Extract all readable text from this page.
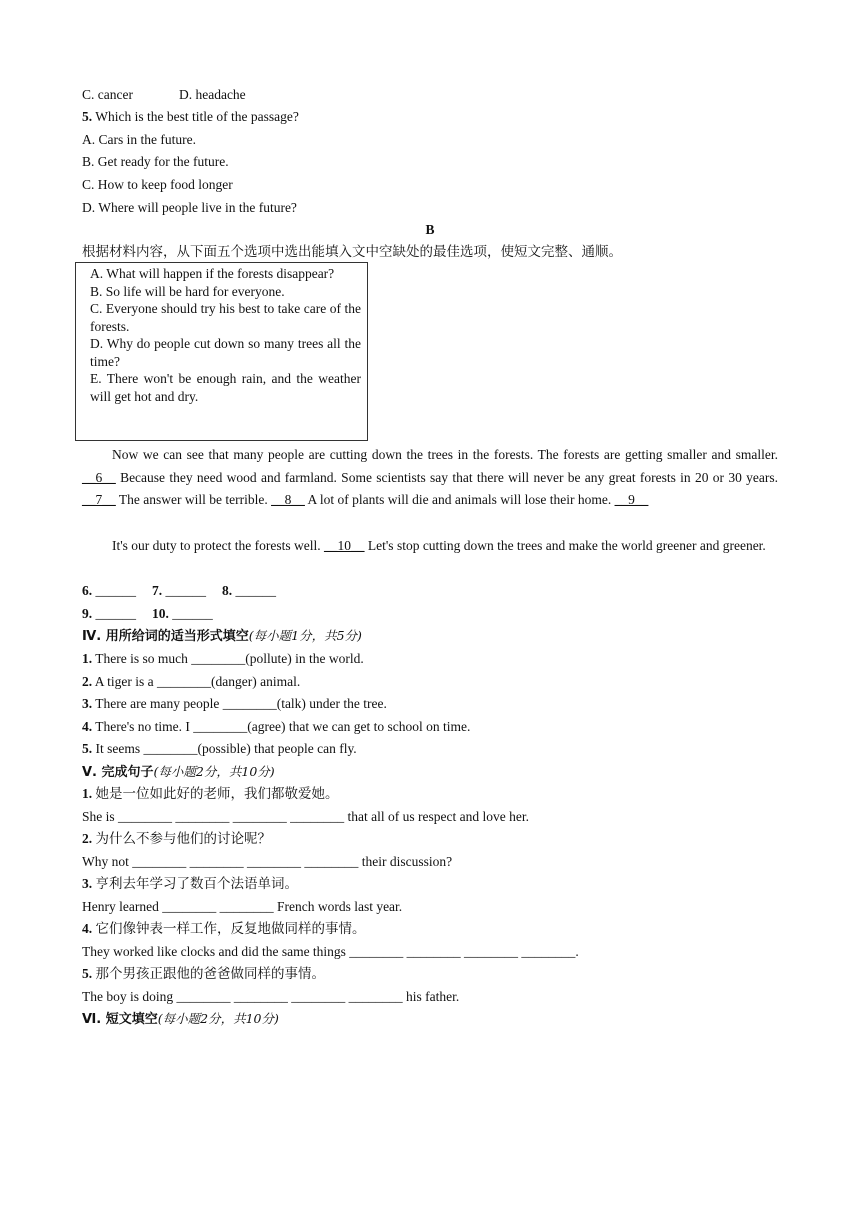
C. cancer	D. headache
5. Which is the best title of the passage?
A. Cars in the future.
B. Get ready for the future.
C. How to keep food longer
D. Where will people live in the future?
B
根据材料内容，从下面五个选项中选出能填入文中空缺处的最佳选项，使短文完整、通顺。

A. What will happen if the forests disappear?

B. So life will be hard for everyone.

C. Everyone should try his best to take care of the forests.

D. Why do people cut down so many trees all the time?

E. There won't be enough rain, and the weather will get hot and dry.

Now we can see that many people are cutting down the trees in the forests. The forests are getting smaller and smaller. __6__ Because they need wood and farmland. Some scientists say that there will never be any great forests in 20 or 30 years. __7__ The answer will be terrible. __8__ A lot of plants will die and animals will lose their home. __9__

It's our duty to protect the forests well. __10__ Let's stop cutting down the trees and make the world greener and greener.

6. ______ 7. ______ 8. ______
9. ______ 10. ______
Ⅳ. 用所给词的适当形式填空(每小题1分，共5分)
1. There is so much ________(pollute) in the world.
2. A tiger is a ________(danger) animal.
3. There are many people ________(talk) under the tree.
4. There's no time. I ________(agree) that we can get to school on time.
5. It seems ________(possible) that people can fly.
Ⅴ. 完成句子(每小题2分，共10分)
1. 她是一位如此好的老师，我们都敬爱她。
She is ________ ________ ________ ________ that all of us respect and love her.
2. 为什么不参与他们的讨论呢？
Why not ________ ________ ________ ________ their discussion?
3. 亨利去年学习了数百个法语单词。
Henry learned ________ ________ French words last year.
4. 它们像钟表一样工作，反复地做同样的事情。
They worked like clocks and did the same things ________ ________ ________ ________.
5. 那个男孩正跟他的爸爸做同样的事情。
The boy is doing ________ ________ ________ ________ his father.
Ⅵ. 短文填空(每小题2分，共10分)
